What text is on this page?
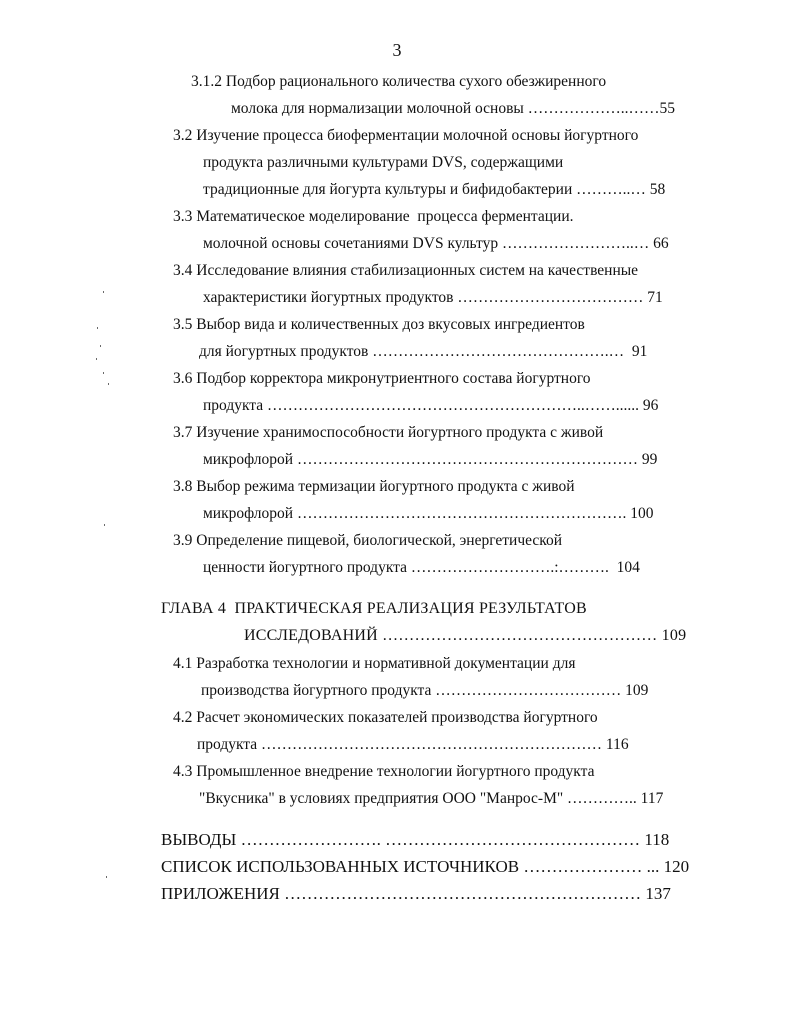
3
3.1.2 Подбор рационального количества сухого обезжиренного
молока для нормализации молочной основы ………………..……55
3.2 Изучение процесса биоферментации молочной основы йогуртного
продукта различными культурами DVS, содержащими
традиционные для йогурта культуры и бифидобактерии ………..… 58
3.3 Математическое моделирование  процесса ферментации.
молочной основы сочетаниями DVS культур ……………………..… 66
3.4 Исследование влияния стабилизационных систем на качественные
характеристики йогуртных продуктов ……………………………… 71
3.5 Выбор вида и количественных доз вкусовых ингредиентов
для йогуртных продуктов ……………………………………….…  91
3.6 Подбор корректора микронутриентного состава йогуртного
продукта ……………………………………………………..……...... 96
3.7 Изучение хранимоспособности йогуртного продукта с живой
микрофлорой ………………………………………………………… 99
3.8 Выбор режима термизации йогуртного продукта с живой
микрофлорой ………………………………………………………. 100
3.9 Определение пищевой, биологической, энергетической
ценности йогуртного продукта ……………………….:……….  104
ГЛАВА 4  ПРАКТИЧЕСКАЯ РЕАЛИЗАЦИЯ РЕЗУЛЬТАТОВ
ИССЛЕДОВАНИЙ …………………………………………… 109
4.1 Разработка технологии и нормативной документации для
производства йогуртного продукта ……………………………… 109
4.2 Расчет экономических показателей производства йогуртного
продукта ………………………………………………………… 116
4.3 Промышленное внедрение технологии йогуртного продукта
"Вкусника" в условиях предприятия ООО "Манрос-М" ………….. 117
ВЫВОДЫ ……………………. ……………………………………… 118
СПИСОК ИСПОЛЬЗОВАННЫХ ИСТОЧНИКОВ ………………… ... 120
ПРИЛОЖЕНИЯ ……………………………………………………… 137
